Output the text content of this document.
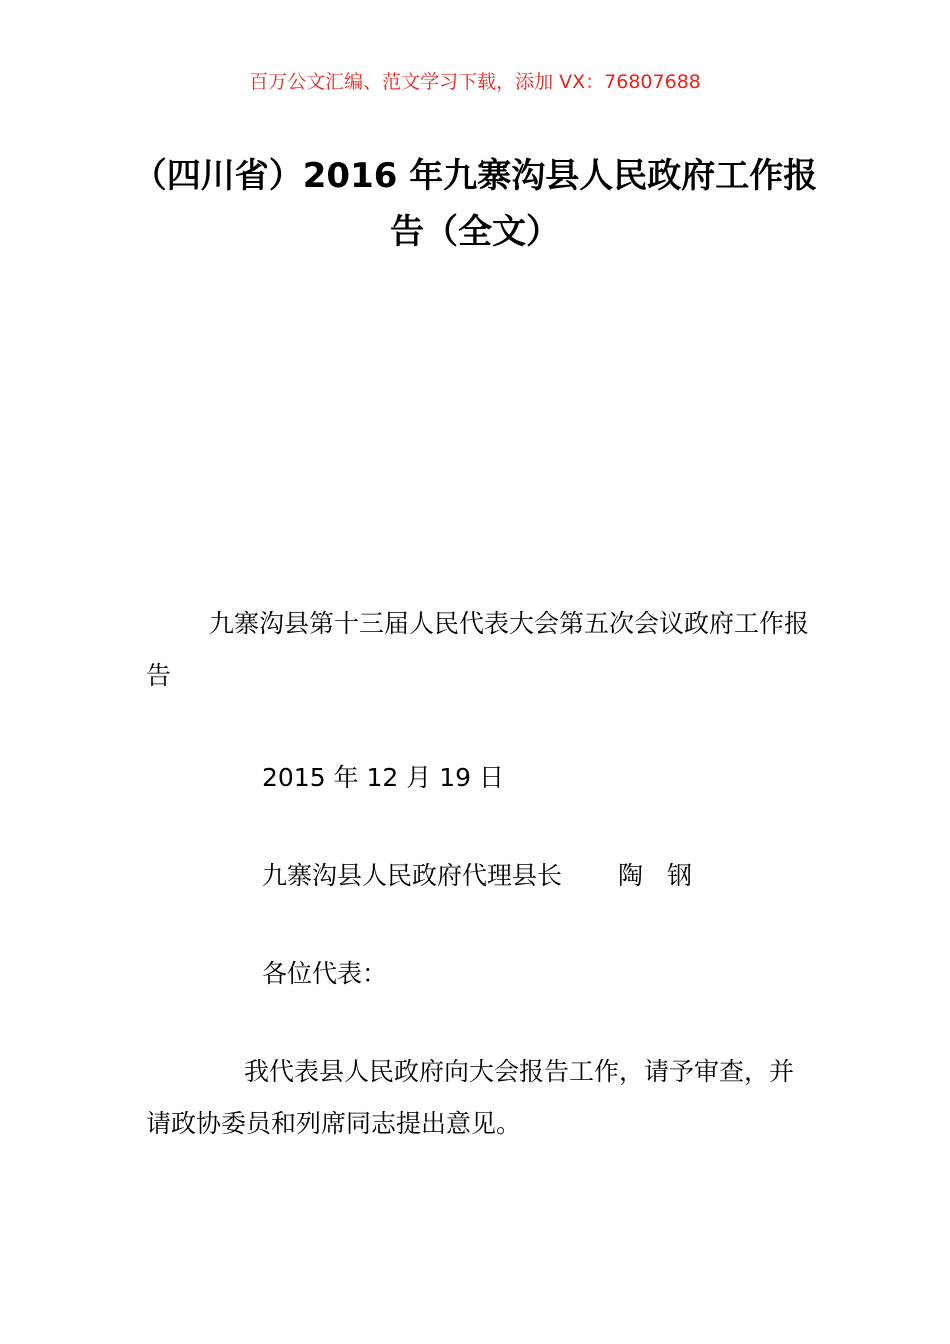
百万公文汇编、范文学习下载，添加 VX：76807688
（四川省）2016 年九寨沟县人民政府工作报告（全文）
九寨沟县第十三届人民代表大会第五次会议政府工作报告
2015 年 12 月 19 日
九寨沟县人民政府代理县长 陶钢
各位代表：
我代表县人民政府向大会报告工作，请予审查，并请政协委员和列席同志提出意见。
